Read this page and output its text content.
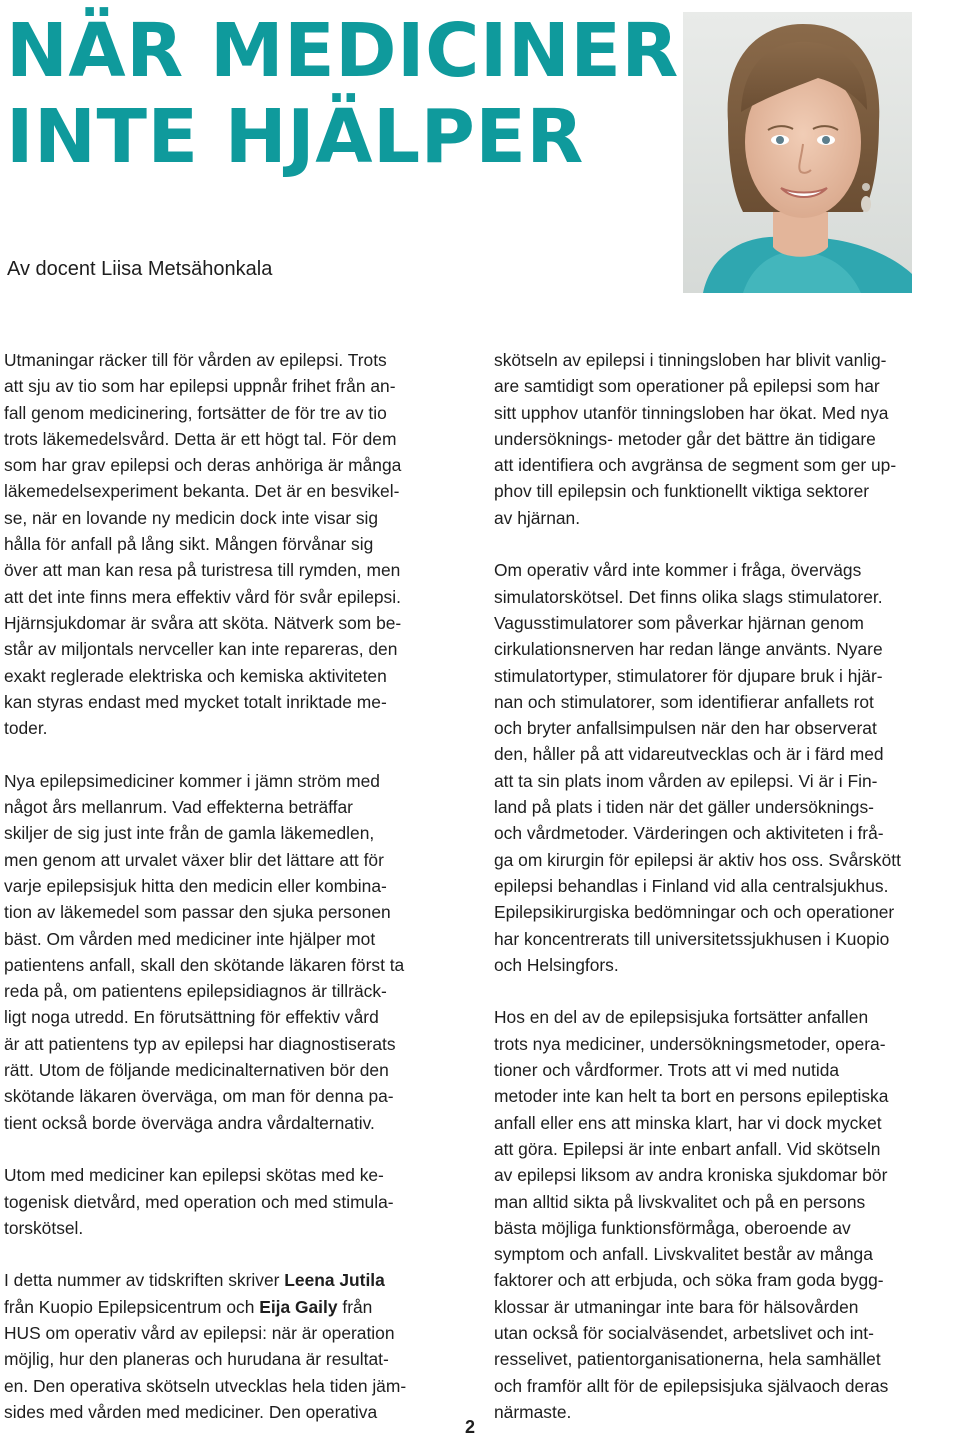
NÄR MEDICINER
INTE HJÄLPER

Av docent Liisa Metsähonkala

Utmaningar räcker till för vården av epilepsi. Trots
att sju av tio som har epilepsi uppnår frihet från an-
fall genom medicinering, fortsätter de för tre av tio
trots läkemedelsvård. Detta är ett högt tal. För dem
som har grav epilepsi och deras anhöriga är många
läkemedelsexperiment bekanta. Det är en besvikel-
se, när en lovande ny medicin dock inte visar sig
hålla för anfall på lång sikt. Mången förvånar sig
över att man kan resa på turistresa till rymden, men
att det inte finns mera effektiv vård för svår epilepsi.
Hjärnsjukdomar är svåra att sköta. Nätverk som be-
står av miljontals nervceller kan inte repareras, den
exakt reglerade elektriska och kemiska aktiviteten
kan styras endast med mycket totalt inriktade me-
toder.

Nya epilepsimediciner kommer i jämn ström med
något års mellanrum. Vad effekterna beträffar
skiljer de sig just inte från de gamla läkemedlen,
men genom att urvalet växer blir det lättare att för
varje epilepsisjuk hitta den medicin eller kombina-
tion av läkemedel som passar den sjuka personen
bäst. Om vården med mediciner inte hjälper mot
patientens anfall, skall den skötande läkaren först ta
reda på, om patientens epilepsidiagnos är tillräck-
ligt noga utredd. En förutsättning för effektiv vård
är att patientens typ av epilepsi har diagnostiserats
rätt. Utom de följande medicinalternativen bör den
skötande läkaren överväga, om man för denna pa-
tient också borde överväga andra vårdalternativ.

Utom med mediciner kan epilepsi skötas med ke-
togenisk dietvård, med operation och med stimula-
torskötsel.

I detta nummer av tidskriften skriver Leena Jutila
från Kuopio Epilepsicentrum och Eija Gaily från
HUS om operativ vård av epilepsi: när är operation
möjlig, hur den planeras och hurudana är resultat-
en. Den operativa skötseln utvecklas hela tiden jäm-
sides med vården med mediciner. Den operativa

skötseln av epilepsi i tinningsloben har blivit vanlig-
are samtidigt som operationer på epilepsi som har
sitt upphov utanför tinningsloben har ökat. Med nya
undersöknings- metoder går det bättre än tidigare
att identifiera och avgränsa de segment som ger up-
phov till epilepsin och funktionellt viktiga sektorer
av hjärnan.

Om operativ vård inte kommer i fråga, övervägs
simulatorskötsel. Det finns olika slags stimulatorer.
Vagusstimulatorer som påverkar hjärnan genom
cirkulationsnerven har redan länge använts. Nyare
stimulatortyper, stimulatorer för djupare bruk i hjär-
nan och stimulatorer, som identifierar anfallets rot
och bryter anfallsimpulsen när den har observerat
den, håller på att vidareutvecklas och är i färd med
att ta sin plats inom vården av epilepsi. Vi är i Fin-
land på plats i tiden när det gäller undersöknings-
och vårdmetoder. Värderingen och aktiviteten i frå-
ga om kirurgin för epilepsi är aktiv hos oss. Svårskött
epilepsi behandlas i Finland vid alla centralsjukhus.
Epilepsikirurgiska bedömningar och och operationer
har koncentrerats till universitetssjukhusen i Kuopio
och Helsingfors.

Hos en del av de epilepsisjuka fortsätter anfallen
trots nya mediciner, undersökningsmetoder, opera-
tioner och vårdformer. Trots att vi med nutida
metoder inte kan helt ta bort en persons epileptiska
anfall eller ens att minska klart, har vi dock mycket
att göra. Epilepsi är inte enbart anfall. Vid skötseln
av epilepsi liksom av andra kroniska sjukdomar bör
man alltid sikta på livskvalitet och på en persons
bästa möjliga funktionsförmåga, oberoende av
symptom och anfall. Livskvalitet består av många
faktorer och att erbjuda, och söka fram goda bygg-
klossar är utmaningar inte bara för hälsovården
utan också för socialväsendet, arbetslivet och int-
resselivet, patientorganisationerna, hela samhället
och framför allt för de epilepsisjuka självaoch deras
närmaste.

2
